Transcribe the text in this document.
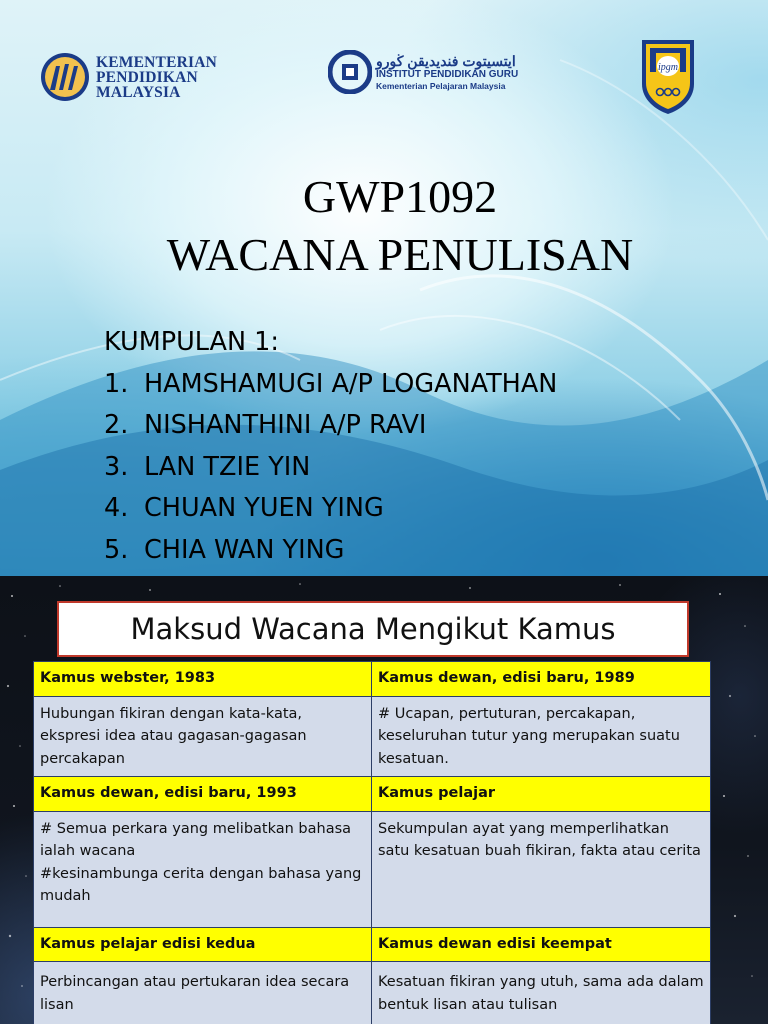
KEMENTERIAN
PENDIDIKAN
MALAYSIA
ايتسيتوت فنديديقن ڬورو
INSTITUT PENDIDIKAN GURU
Kementerian Pelajaran Malaysia
ipgm
GWP1092
WACANA PENULISAN
KUMPULAN 1:
1. HAMSHAMUGI A/P LOGANATHAN
2. NISHANTHINI A/P RAVI
3. LAN TZIE YIN
4. CHUAN YUEN YING
5. CHIA WAN YING
Maksud Wacana Mengikut Kamus
Kamus webster, 1983	Kamus dewan, edisi baru, 1989
Hubungan fikiran dengan kata-kata, ekspresi idea atau gagasan-gagasan percakapan	# Ucapan, pertuturan, percakapan, keseluruhan tutur yang merupakan suatu kesatuan.
Kamus dewan, edisi baru, 1993	Kamus pelajar
# Semua perkara yang melibatkan bahasa ialah wacana
#kesinambunga cerita dengan bahasa yang mudah	Sekumpulan ayat yang memperlihatkan satu kesatuan buah fikiran, fakta atau cerita
Kamus pelajar edisi kedua	Kamus dewan edisi keempat
Perbincangan atau pertukaran idea secara lisan	Kesatuan fikiran yang utuh, sama ada dalam bentuk lisan atau tulisan
